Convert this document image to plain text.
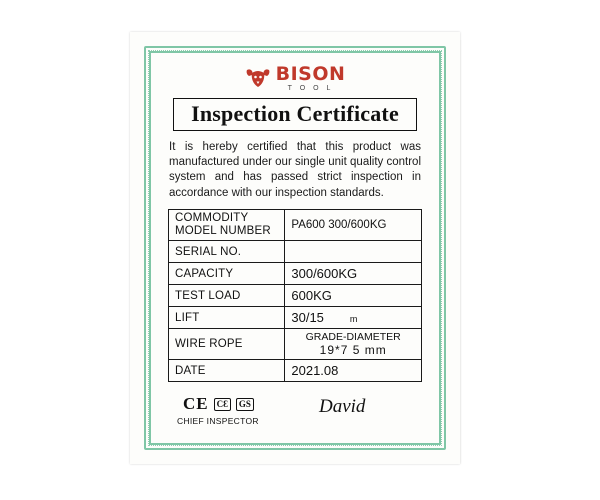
BISON
T O O L
Inspection Certificate
It is hereby certified that this product was manufactured under our single unit quality control system and has passed strict inspection in accordance with our inspection standards.
COMMODITY
MODEL NUMBER	PA600 300/600KG
SERIAL NO.	
CAPACITY	300/600KG
TEST LOAD	600KG
LIFT	30/15 m
WIRE ROPE	GRADE-DIAMETER
19*7 5 mm

DATE	2021.08
CE CƐ	GS
CHIEF INSPECTOR
David
